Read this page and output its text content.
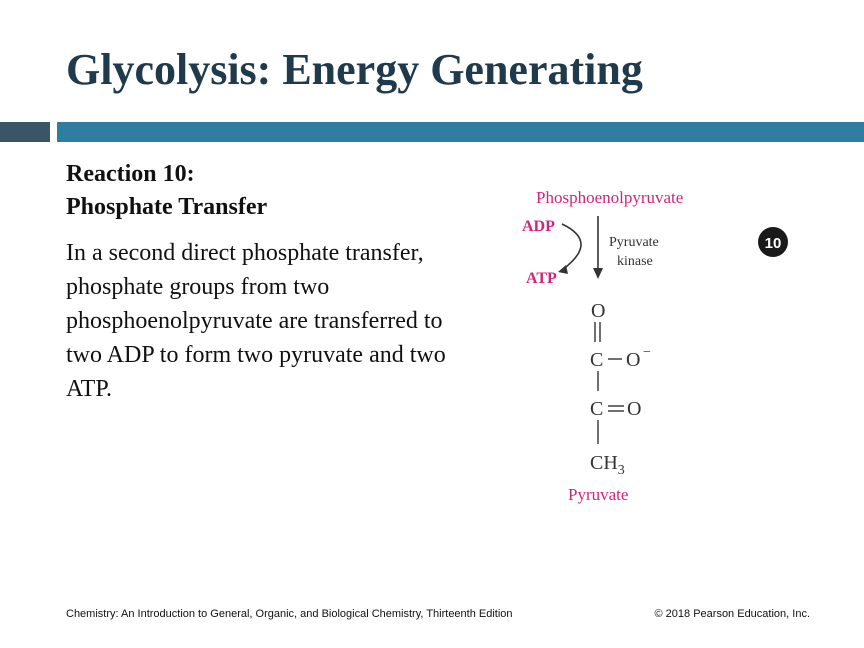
Glycolysis: Energy Generating
Reaction 10:
Phosphate Transfer
In a second direct phosphate transfer, phosphate groups from two phosphoenolpyruvate are transferred to two ADP to form two pyruvate and two ATP.
Phosphoenolpyruvate
ADP
ATP
Pyruvate
kinase
10
O
C O −
C O
$CH_3$
Pyruvate
Chemistry: An Introduction to General, Organic, and Biological Chemistry, Thirteenth Edition	© 2018 Pearson Education, Inc.
